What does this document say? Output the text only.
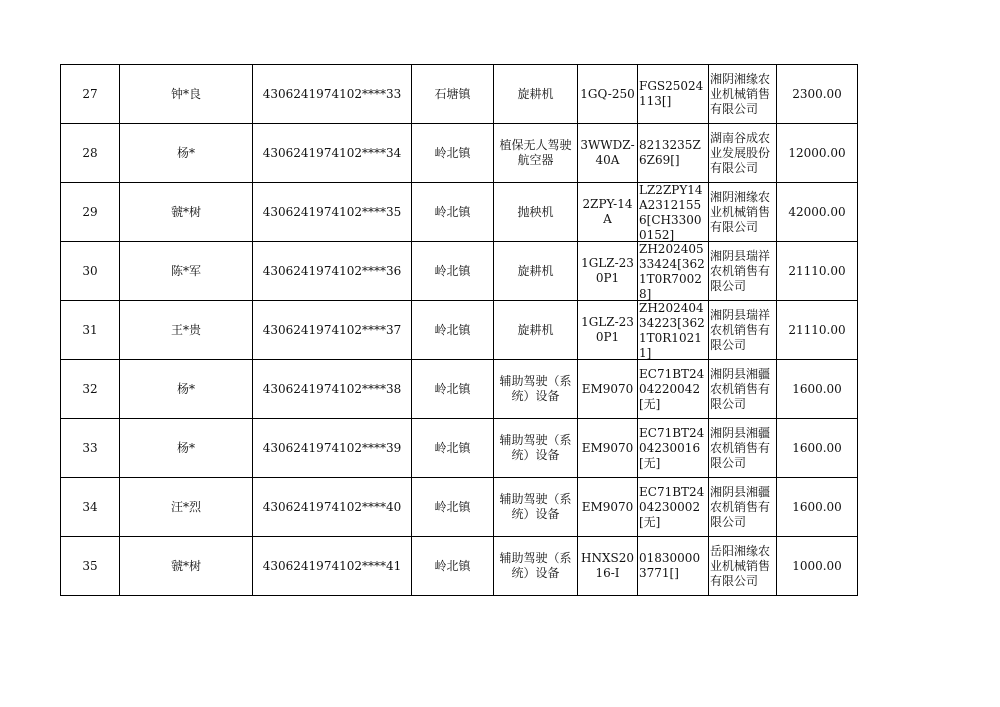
27	钟*良	4306241974102****33	石塘镇	旋耕机	1GQ-250	FGS25024113[]	湘阴湘缘农业机械销售有限公司	2300.00

28	杨*	4306241974102****34	岭北镇	植保无人驾驶航空器	3WWDZ-40A	8213235Z6Z69[]	湖南谷成农业发展股份有限公司	12000.00

29	虢*树	4306241974102****35	岭北镇	抛秧机	2ZPY-14A	LZ2ZPY14A23121556[CH33000152]	湘阴湘缘农业机械销售有限公司	42000.00

30	陈*军	4306241974102****36	岭北镇	旋耕机	1GLZ-230P1	ZH20240533424[3621T0R70028]	湘阴县瑞祥农机销售有限公司	21110.00

31	王*贵	4306241974102****37	岭北镇	旋耕机	1GLZ-230P1	ZH20240434223[3621T0R10211]	湘阴县瑞祥农机销售有限公司	21110.00

32	杨*	4306241974102****38	岭北镇	辅助驾驶（系统）设备	EM9070	EC71BT2404220042[无]	湘阴县湘疆农机销售有限公司	1600.00

33	杨*	4306241974102****39	岭北镇	辅助驾驶（系统）设备	EM9070	EC71BT2404230016[无]	湘阴县湘疆农机销售有限公司	1600.00

34	汪*烈	4306241974102****40	岭北镇	辅助驾驶（系统）设备	EM9070	EC71BT2404230002[无]	湘阴县湘疆农机销售有限公司	1600.00

35	虢*树	4306241974102****41	岭北镇	辅助驾驶（系统）设备	HNXS2016-I	018300003771[]	岳阳湘缘农业机械销售有限公司	1000.00
